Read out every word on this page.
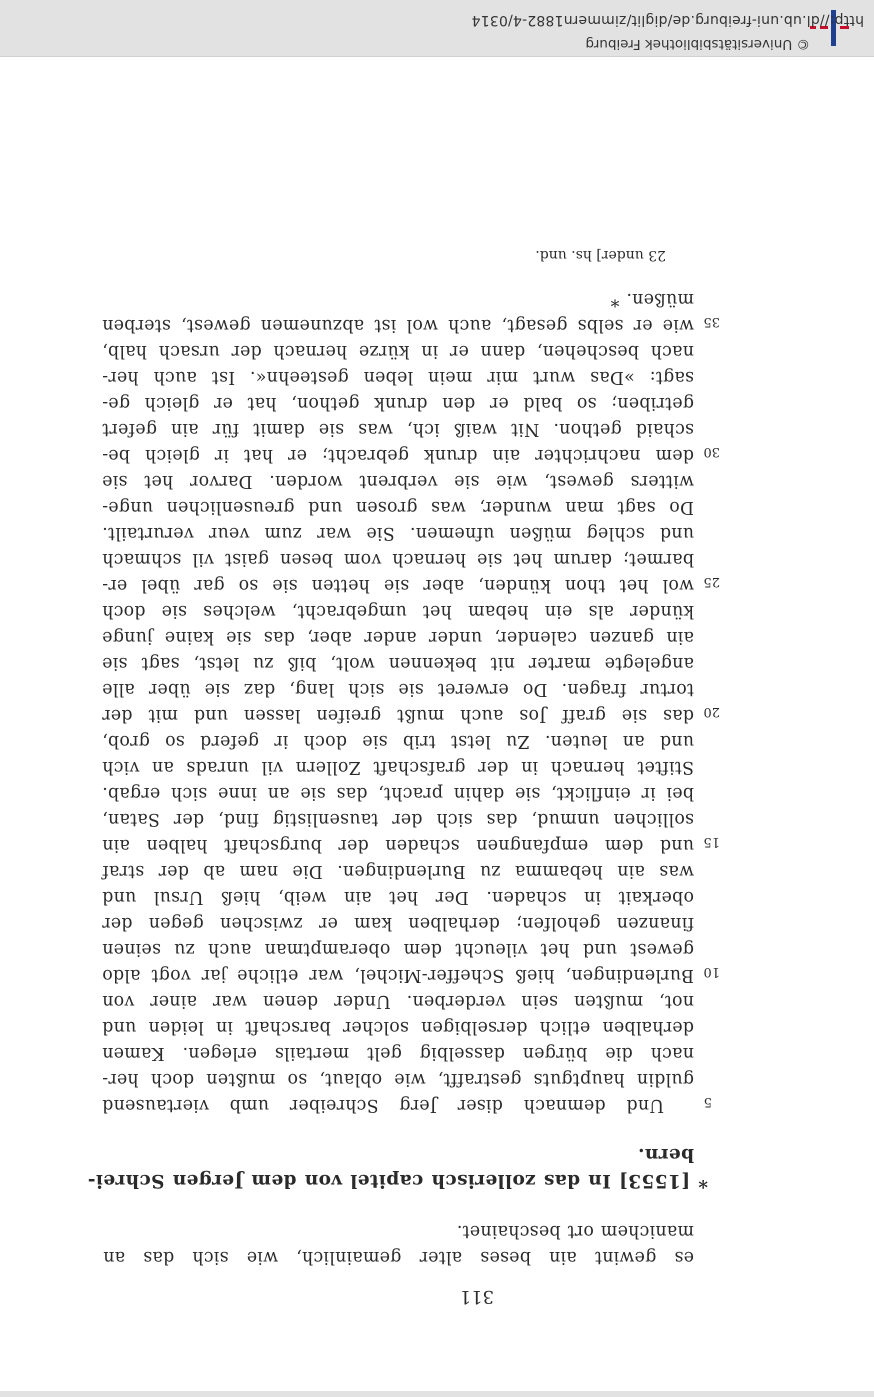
311
es gewint ain beses alter gemainlich, wie sich das an
manichem ort beschainet.
* [1553] In das zollerisch capitel von dem Jergen Schrei-
bern.
Und demnach diser Jerg Schreiber umb viertausend
guldin hauptguts gestrafft, wie oblaut, so mußten doch her-
nach die bürgen dasselbig gelt mertails erlegen. Kamen
derhalben etlich derselbigen solcher barschaft in leiden und
not, mußten sein verderben. Under denen war ainer von
Burlendingen, hieß Scheffer-Michel, war etliche jar vogt aldo
gewest und het vileucht dem oberamptman auch zu seinen
finanzen geholfen; derhalben kam er zwischen gegen der
oberkait in schaden. Der het ain weib, hieß Ursul und
was ain hebamma zu Burlendingen. Die nam ab der straf
und dem empfangnen schaden der burgschaft halben ain
sollichen unmud, das sich der tausenlistig find, der Satan,
bei ir einflickt, sie dahin pracht, das sie an inne sich ergab.
Stiftet hernach in der grafschaft Zollern vil unrads an vich
und an leuten. Zu letst trib sie doch ir geferd so grob,
das sie graff Jos auch mußt greifen lassen und mit der
tortur fragen. Do erweret sie sich lang, daz sie über alle
angelegte marter nit bekennen wolt, biß zu letst, sagt sie
ain ganzen calender, under ander aber, das sie kaine junge
künder als ein hebam het umgebracht, welches sie doch
wol het thon künden, aber sie hetten sie so gar übel er-
barmet; darum het sie hernach vom besen gaist vil schmach
und schleg müßen ufnemen. Sie war zum veur verurtailt.
Do sagt man wunder, was grosen und greusenlichen unge-
witters gewest, wie sie verbrent worden. Darvor het sie
dem nachrichter ain drunk gebracht; er hat ir gleich be-
schaid gethon. Nit waiß ich, was sie damit für ain gefert
getriben; so bald er den drunk gethon, hat er gleich ge-
sagt: »Das wurt mir mein leben gesteehn«. Ist auch her-
nach beschehen, dann er in kürze hernach der ursach halb,
wie er selbs gesagt, auch wol ist abzunemen gewest, sterben
müßen. *
5
10
15
20
25
30
35
23 under] hs. und.
© Universitätsbibliothek Freiburg
http://dl.ub.uni-freiburg.de/diglit/zimmern1882-4/0314
